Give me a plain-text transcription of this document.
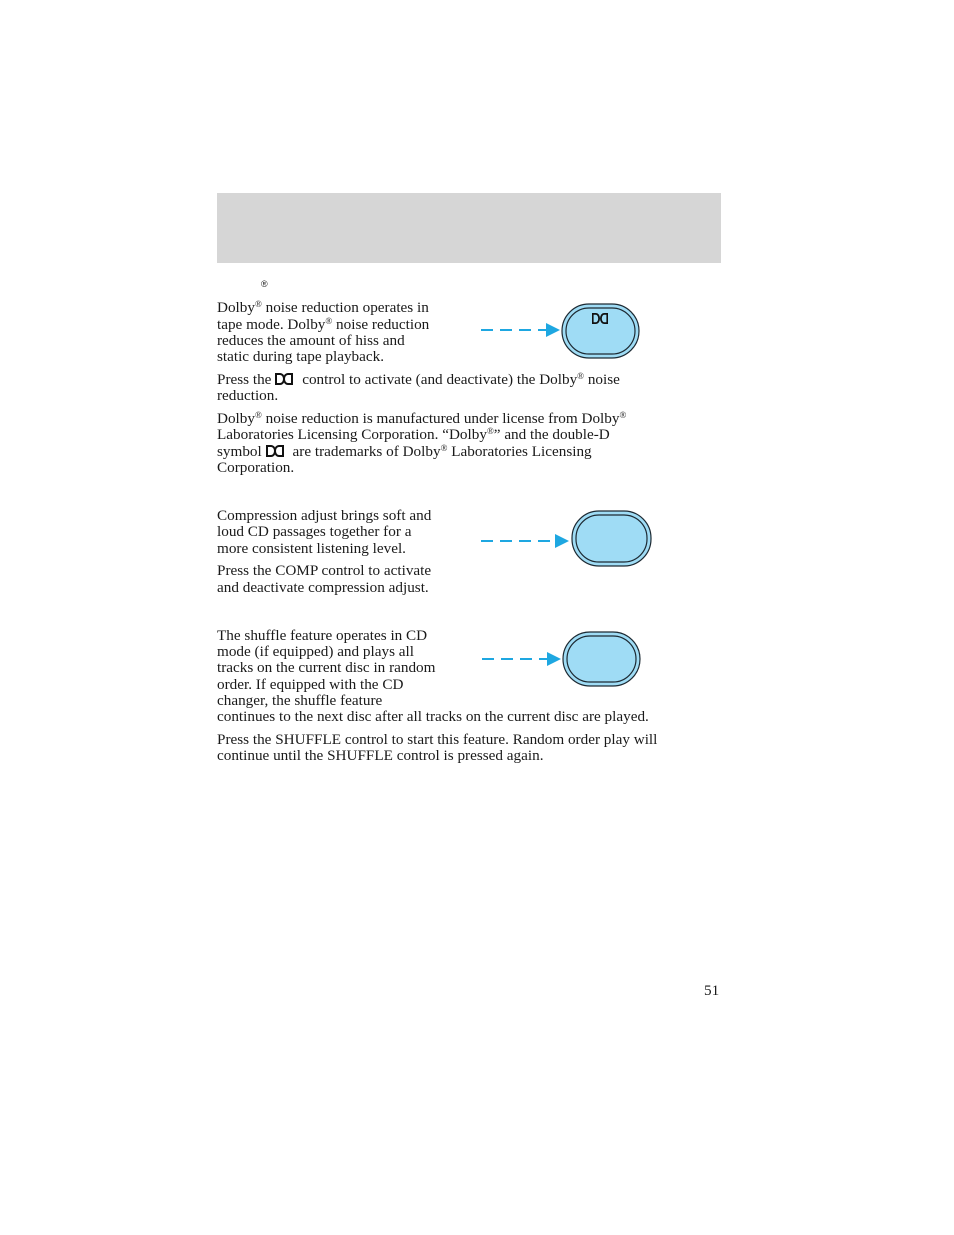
®

Dolby® noise reduction operates in

tape mode. Dolby® noise reduction

reduces the amount of hiss and

static during tape playback.

Press the control to activate (and deactivate) the Dolby® noise

reduction.

Dolby® noise reduction is manufactured under license from Dolby®

Laboratories Licensing Corporation. “Dolby®” and the double-D

symbol are trademarks of Dolby® Laboratories Licensing

Corporation.

Compression adjust brings soft and

loud CD passages together for a

more consistent listening level.

Press the COMP control to activate

and deactivate compression adjust.

The shuffle feature operates in CD

mode (if equipped) and plays all

tracks on the current disc in random

order. If equipped with the CD

changer, the shuffle feature

continues to the next disc after all tracks on the current disc are played.

Press the SHUFFLE control to start this feature. Random order play will

continue until the SHUFFLE control is pressed again.

51
